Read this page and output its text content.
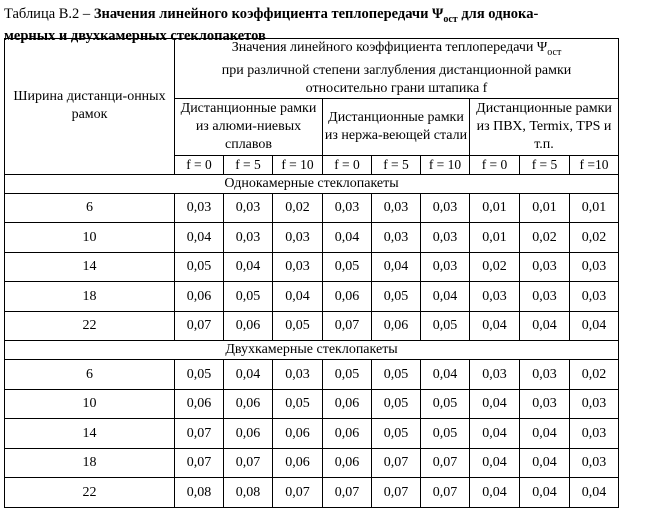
Таблица В.2 – Значения линейного коэффициента теплопередачи $\Psi_{ост}$ для однока-
мерных и двухкамерных стеклопакетов
Ширина дистанци-онных рамок	Значения линейного коэффициента теплопередачи $\Psi_{ост}$
при различной степени заглубления дистанционной рамки
относительно грани штапика f								
	Дистанционные рамки из алюми-ниевых сплавов			Дистанционные рамки из нержа-веющей стали			Дистанционные рамки из ПВХ, Termix, TPS и т.п.		
	f = 0	f = 5	f = 10	f = 0	f = 5	f = 10	f = 0	f = 5	f =10
Однокамерные стеклопакеты									
6	0,03	0,03	0,02	0,03	0,03	0,03	0,01	0,01	0,01
10	0,04	0,03	0,03	0,04	0,03	0,03	0,01	0,02	0,02
14	0,05	0,04	0,03	0,05	0,04	0,03	0,02	0,03	0,03
18	0,06	0,05	0,04	0,06	0,05	0,04	0,03	0,03	0,03
22	0,07	0,06	0,05	0,07	0,06	0,05	0,04	0,04	0,04
Двухкамерные стеклопакеты									
6	0,05	0,04	0,03	0,05	0,05	0,04	0,03	0,03	0,02
10	0,06	0,06	0,05	0,06	0,05	0,05	0,04	0,03	0,03
14	0,07	0,06	0,06	0,06	0,05	0,05	0,04	0,04	0,03
18	0,07	0,07	0,06	0,06	0,07	0,07	0,04	0,04	0,03
22	0,08	0,08	0,07	0,07	0,07	0,07	0,04	0,04	0,04
